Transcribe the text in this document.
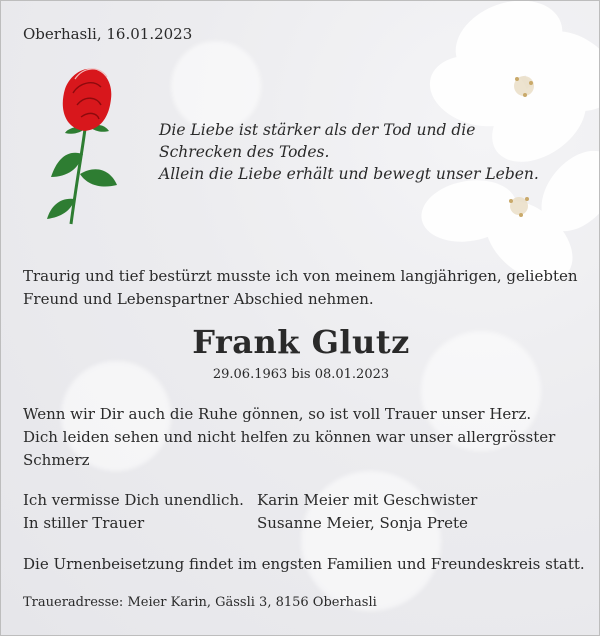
Oberhasli, 16.01.2023
Die Liebe ist stärker als der Tod und die
Schrecken des Todes.
Allein die Liebe erhält und bewegt unser Leben.
Traurig und tief bestürzt musste ich von meinem langjährigen, geliebten
Freund und Lebenspartner Abschied nehmen.
Frank Glutz
29.06.1963 bis 08.01.2023
Wenn wir Dir auch die Ruhe gönnen, so ist voll Trauer unser Herz.
Dich leiden sehen und nicht helfen zu können war unser allergrösster
Schmerz
Ich vermisse Dich unendlich.
In stiller Trauer
Karin Meier mit Geschwister
Susanne Meier, Sonja Prete
Die Urnenbeisetzung findet im engsten Familien und Freundeskreis statt.
Traueradresse: Meier Karin, Gässli 3, 8156 Oberhasli
